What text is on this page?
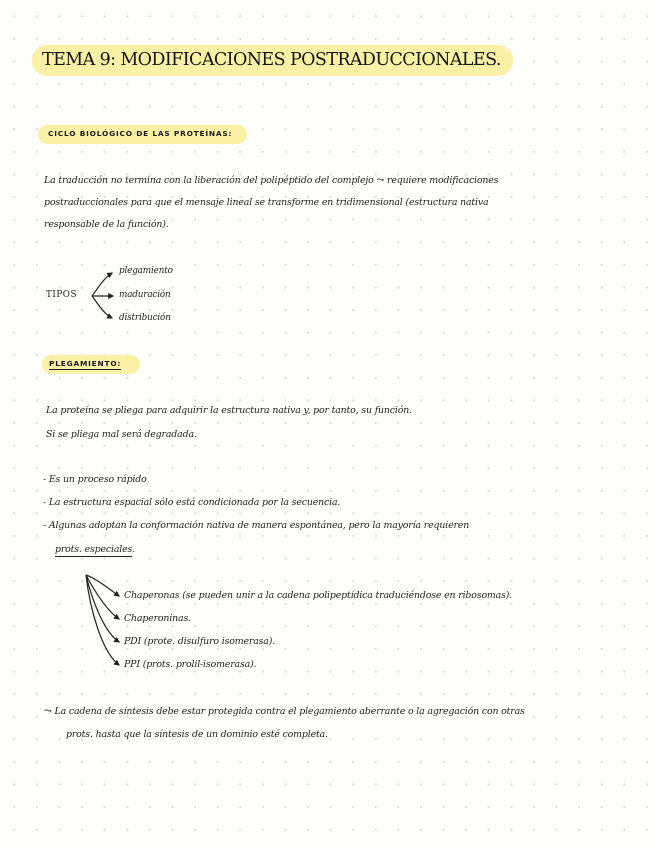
TEMA 9: MODIFICACIONES POSTRADUCCIONALES.
CICLO BIOLÓGICO DE LAS PROTEÍNAS:
La traducción no termina con la liberación del polipéptido del complejo ⤳ requiere modificaciones
postraduccionales para que el mensaje lineal se transforme en tridimensional (estructura nativa
responsable de la función).
TIPOS
plegamiento
maduración
distribución
PLEGAMIENTO:
La proteína se pliega para adquirir la estructura nativa y, por tanto, su función.
Si se pliega mal será degradada.
- Es un proceso rápido
- La estructura espacial sólo está condicionada por la secuencia.
- Algunas adoptan la conformación nativa de manera espontánea, pero la mayoría requieren
prots. especiales.
Chaperonas (se pueden unir a la cadena polipeptídica traduciéndose en ribosomas).
Chaperoninas.
PDI (prote. disulfuro isomerasa).
PPI (prots. prolil-isomerasa).
⤳ La cadena de síntesis debe estar protegida contra el plegamiento aberrante o la agregación con otras
prots. hasta que la síntesis de un dominio esté completa.
